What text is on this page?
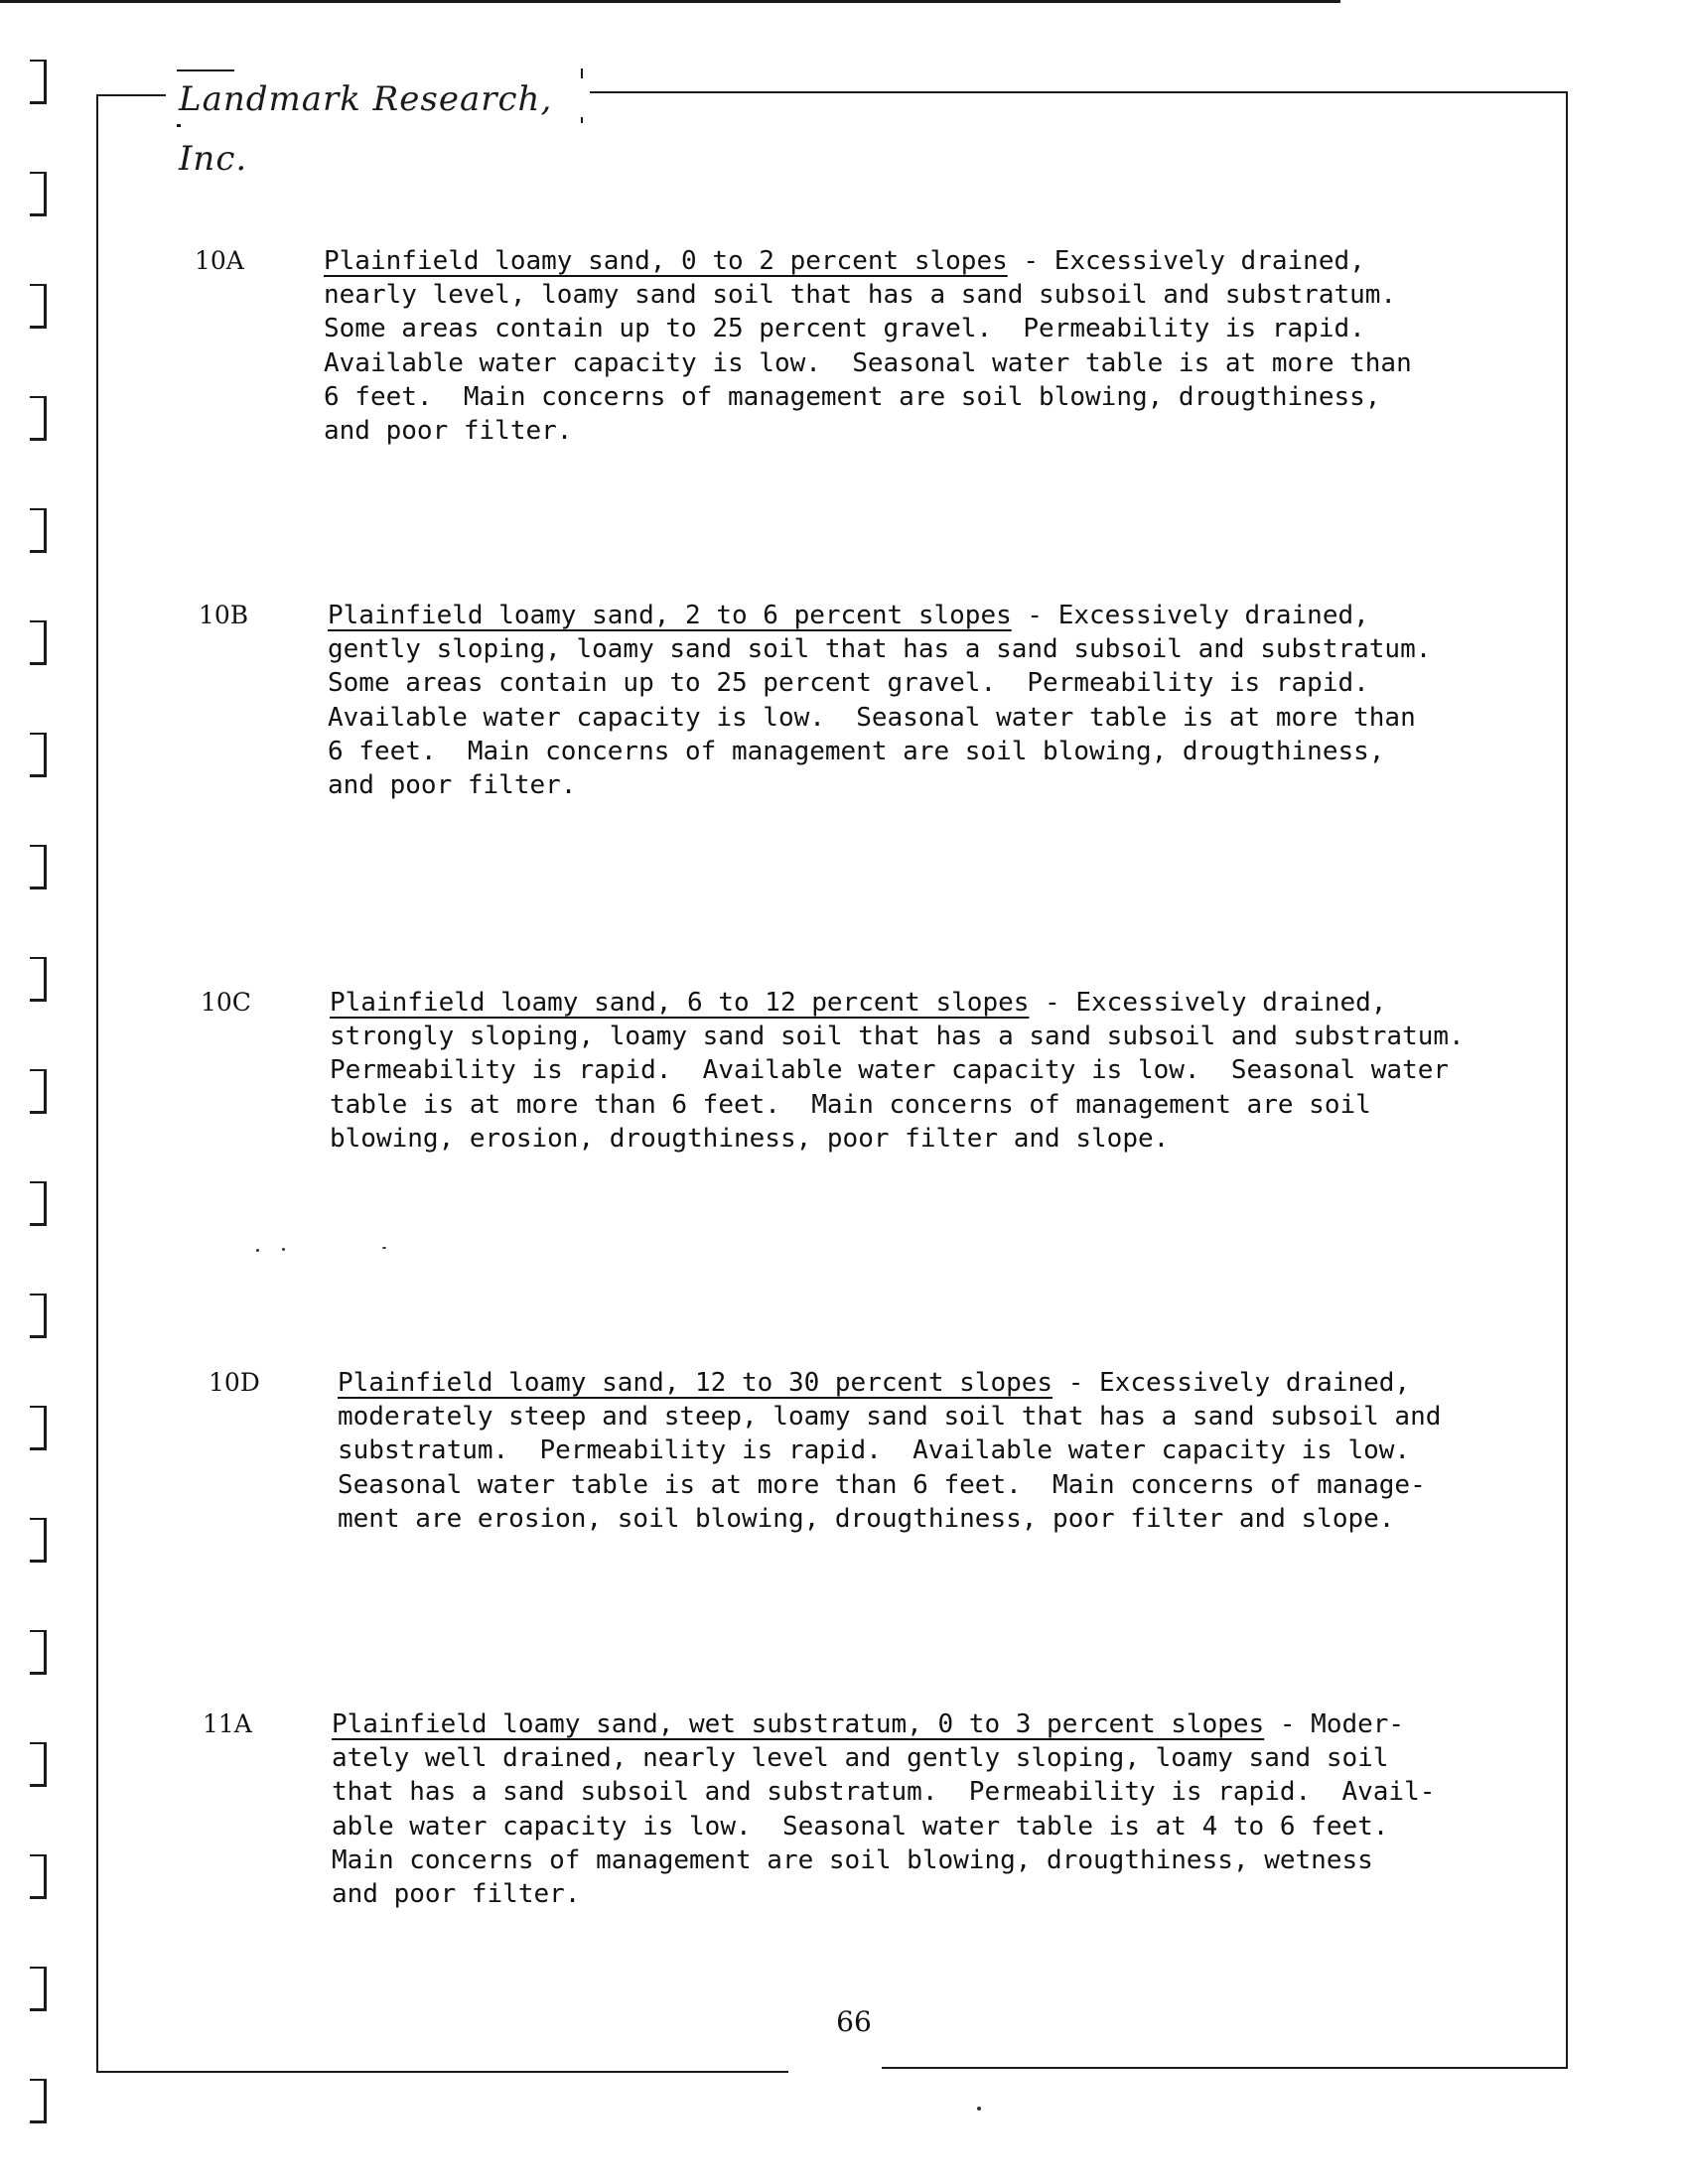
Landmark Research, Inc.
10A	Plainfield loamy sand, 0 to 2 percent slopes - Excessively drained,
nearly level, loamy sand soil that has a sand subsoil and substratum.
Some areas contain up to 25 percent gravel.  Permeability is rapid.
Available water capacity is low.  Seasonal water table is at more than
6 feet.  Main concerns of management are soil blowing, drougthiness,
and poor filter.
10B	Plainfield loamy sand, 2 to 6 percent slopes - Excessively drained,
gently sloping, loamy sand soil that has a sand subsoil and substratum.
Some areas contain up to 25 percent gravel.  Permeability is rapid.
Available water capacity is low.  Seasonal water table is at more than
6 feet.  Main concerns of management are soil blowing, drougthiness,
and poor filter.
10C	Plainfield loamy sand, 6 to 12 percent slopes - Excessively drained,
strongly sloping, loamy sand soil that has a sand subsoil and substratum.
Permeability is rapid.  Available water capacity is low.  Seasonal water
table is at more than 6 feet.  Main concerns of management are soil
blowing, erosion, drougthiness, poor filter and slope.
10D	Plainfield loamy sand, 12 to 30 percent slopes - Excessively drained,
moderately steep and steep, loamy sand soil that has a sand subsoil and
substratum.  Permeability is rapid.  Available water capacity is low.
Seasonal water table is at more than 6 feet.  Main concerns of manage-
ment are erosion, soil blowing, drougthiness, poor filter and slope.
11A	Plainfield loamy sand, wet substratum, 0 to 3 percent slopes - Moder-
ately well drained, nearly level and gently sloping, loamy sand soil
that has a sand subsoil and substratum.  Permeability is rapid.  Avail-
able water capacity is low.  Seasonal water table is at 4 to 6 feet.
Main concerns of management are soil blowing, drougthiness, wetness
and poor filter.
66
